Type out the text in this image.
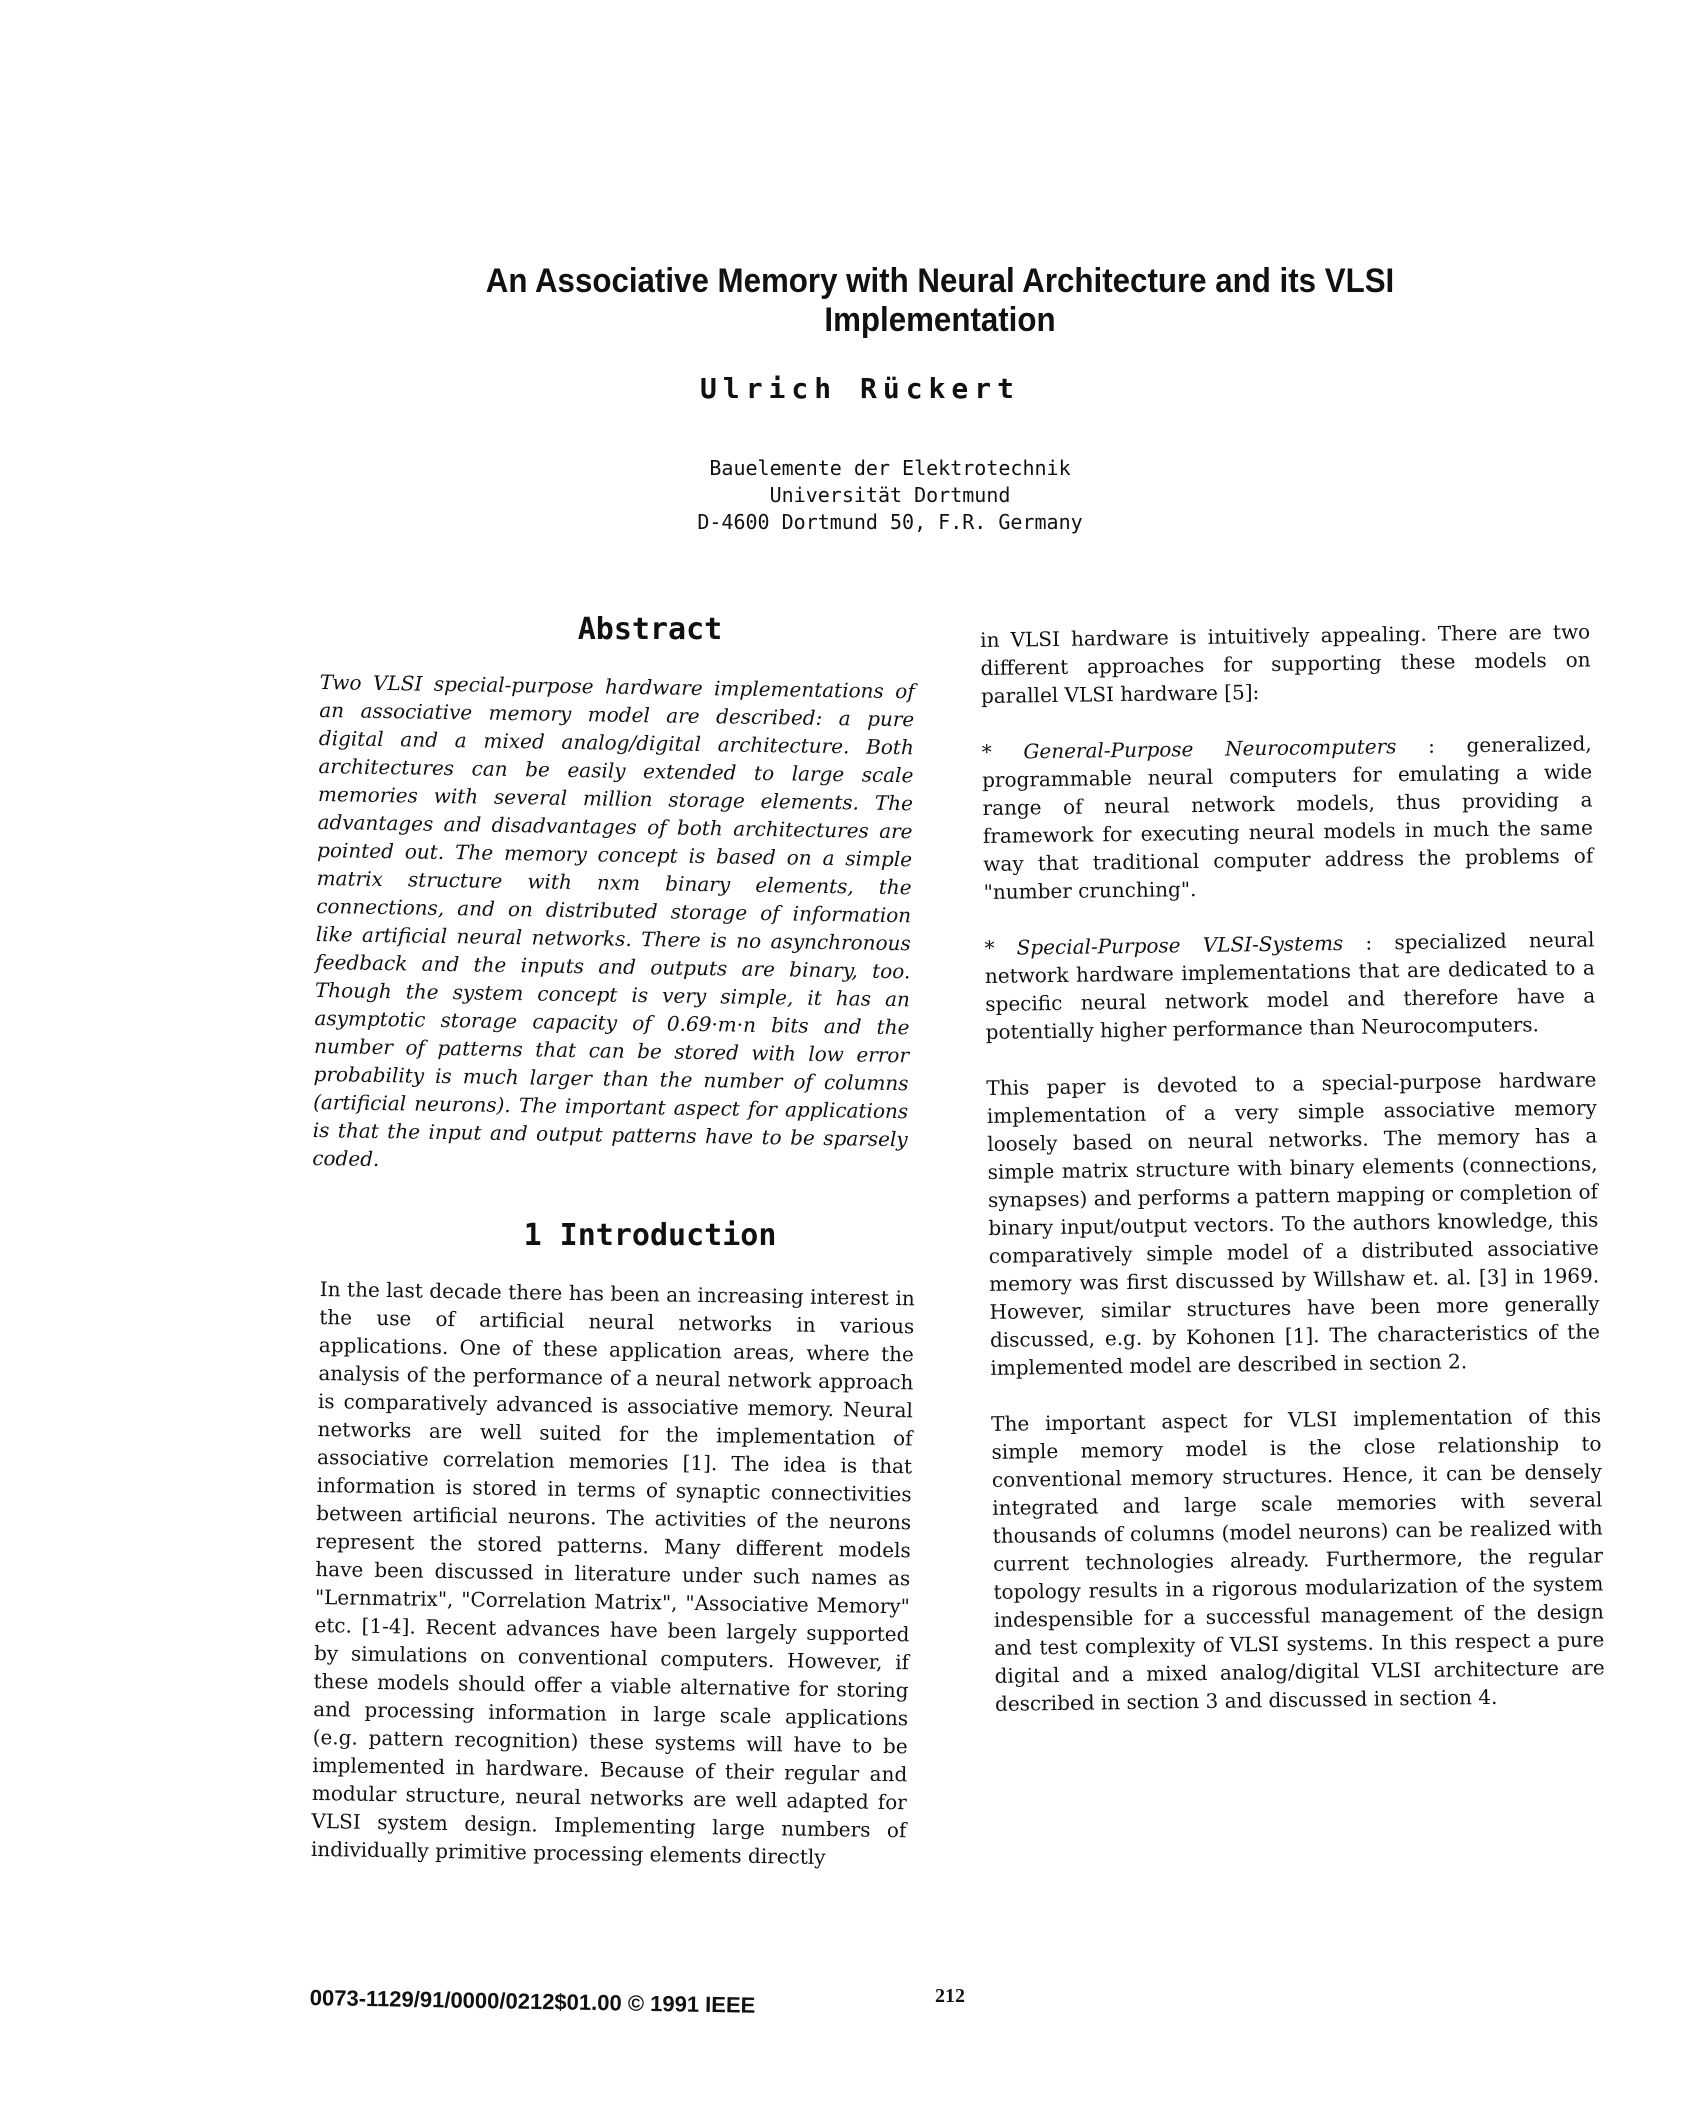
An Associative Memory with Neural Architecture and its VLSI Implementation
Ulrich Rückert
Bauelemente der Elektrotechnik
Universität Dortmund
D-4600 Dortmund 50, F.R. Germany
Abstract
Two VLSI special-purpose hardware implementations of an associative memory model are described: a pure digital and a mixed analog/digital architecture. Both architectures can be easily extended to large scale memories with several million storage elements. The advantages and disadvantages of both architectures are pointed out. The memory concept is based on a simple matrix structure with nxm binary elements, the connections, and on distributed storage of information like artificial neural networks. There is no asynchronous feedback and the inputs and outputs are binary, too. Though the system concept is very simple, it has an asymptotic storage capacity of 0.69·m·n bits and the number of patterns that can be stored with low error probability is much larger than the number of columns (artificial neurons). The important aspect for applications is that the input and output patterns have to be sparsely coded.
1 Introduction
In the last decade there has been an increasing interest in the use of artificial neural networks in various applications. One of these application areas, where the analysis of the performance of a neural network approach is comparatively advanced is associative memory. Neural networks are well suited for the implementation of associative correlation memories [1]. The idea is that information is stored in terms of synaptic connectivities between artificial neurons. The activities of the neurons represent the stored patterns. Many different models have been discussed in literature under such names as "Lernmatrix", "Correlation Matrix", "Associative Memory" etc. [1-4]. Recent advances have been largely supported by simulations on conventional computers. However, if these models should offer a viable alternative for storing and processing information in large scale applications (e.g. pattern recognition) these systems will have to be implemented in hardware. Because of their regular and modular structure, neural networks are well adapted for VLSI system design. Implementing large numbers of individually primitive processing elements directly

in VLSI hardware is intuitively appealing. There are two different approaches for supporting these models on parallel VLSI hardware [5]:

* General-Purpose Neurocomputers : generalized, programmable neural computers for emulating a wide range of neural network models, thus providing a framework for executing neural models in much the same way that traditional computer address the problems of "number crunching".

* Special-Purpose VLSI-Systems : specialized neural network hardware implementations that are dedicated to a specific neural network model and therefore have a potentially higher performance than Neurocomputers.

This paper is devoted to a special-purpose hardware implementation of a very simple associative memory loosely based on neural networks. The memory has a simple matrix structure with binary elements (connections, synapses) and performs a pattern mapping or completion of binary input/output vectors. To the authors knowledge, this comparatively simple model of a distributed associative memory was first discussed by Willshaw et. al. [3] in 1969. However, similar structures have been more generally discussed, e.g. by Kohonen [1]. The characteristics of the implemented model are described in section 2.

The important aspect for VLSI implementation of this simple memory model is the close relationship to conventional memory structures. Hence, it can be densely integrated and large scale memories with several thousands of columns (model neurons) can be realized with current technologies already. Furthermore, the regular topology results in a rigorous modularization of the system indespensible for a successful management of the design and test complexity of VLSI systems. In this respect a pure digital and a mixed analog/digital VLSI architecture are described in section 3 and discussed in section 4.

0073-1129/91/0000/0212$01.00 © 1991 IEEE	212
